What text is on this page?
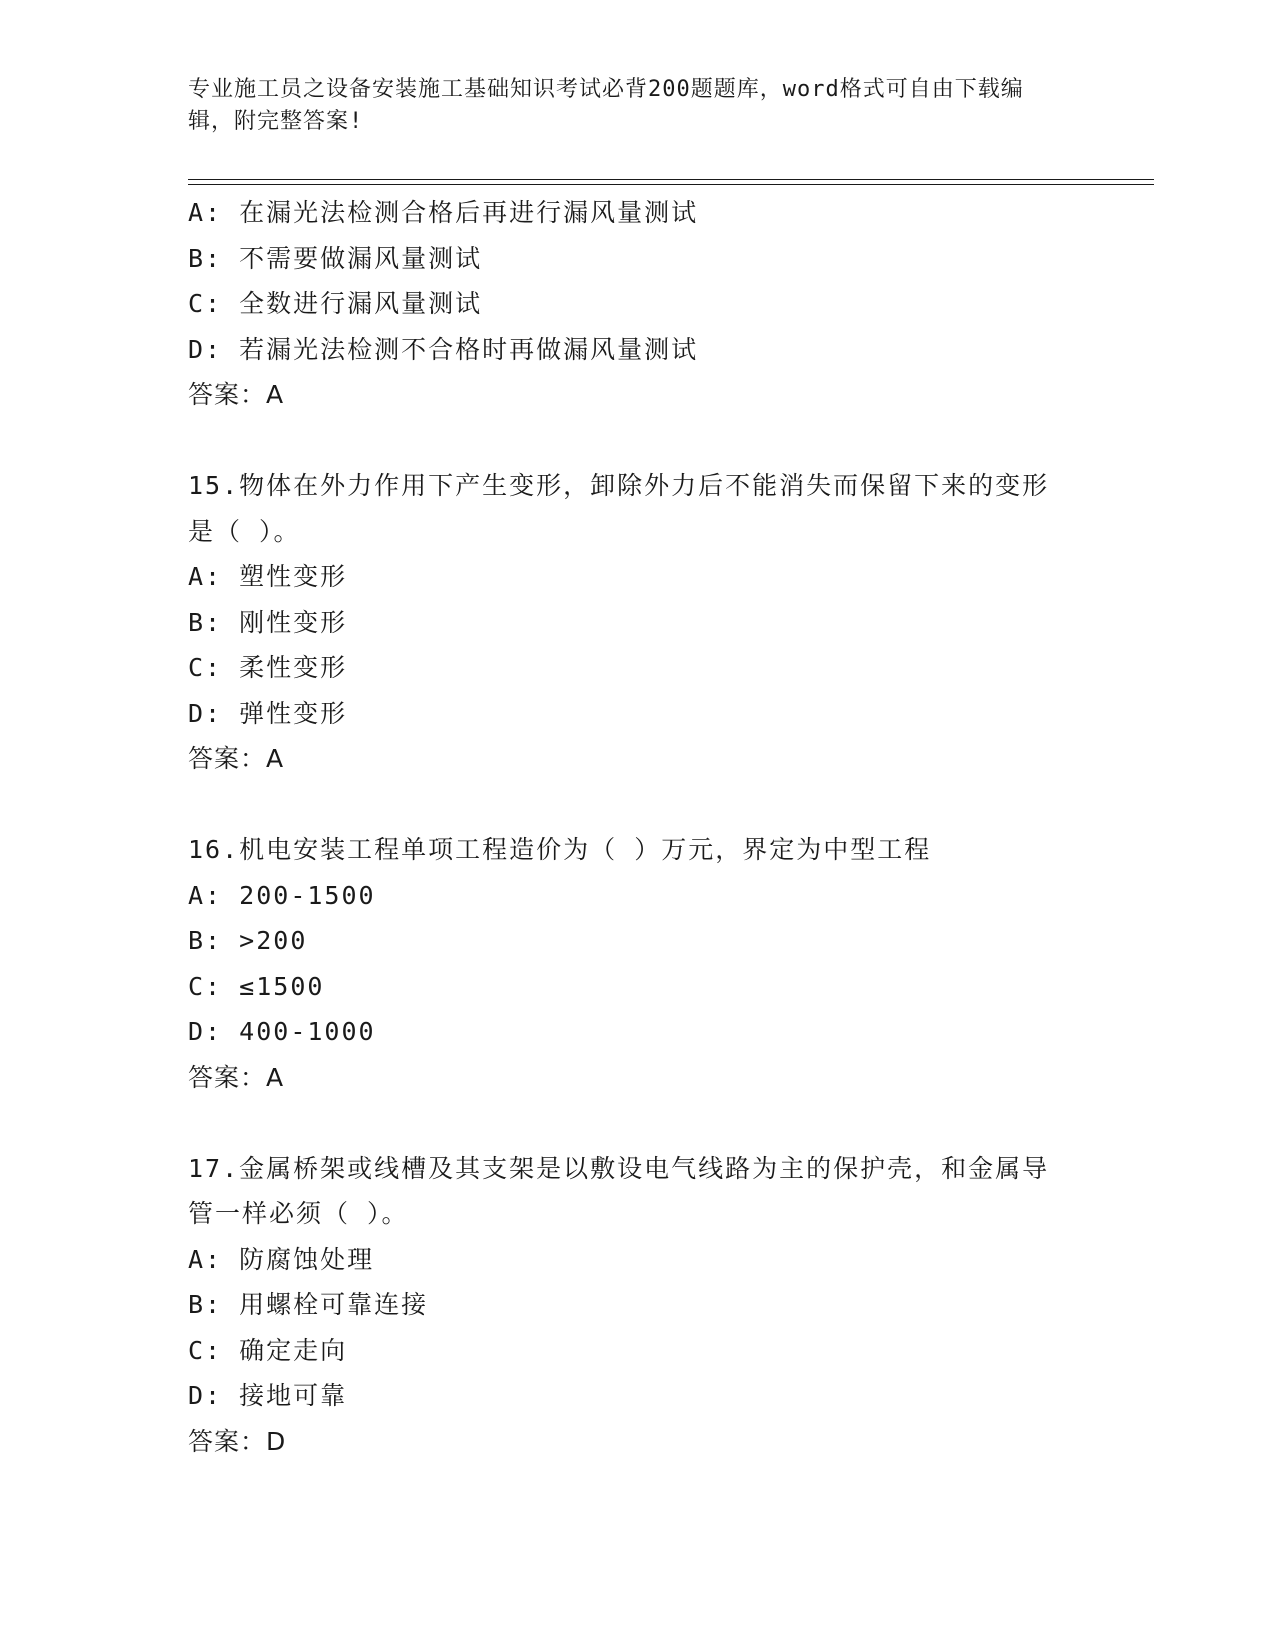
专业施工员之设备安装施工基础知识考试必背200题题库，word格式可自由下载编辑，附完整答案!
A: 在漏光法检测合格后再进行漏风量测试
B: 不需要做漏风量测试
C: 全数进行漏风量测试
D: 若漏光法检测不合格时再做漏风量测试
答案：A
15.物体在外力作用下产生变形，卸除外力后不能消失而保留下来的变形是（ ）。
A: 塑性变形
B: 刚性变形
C: 柔性变形
D: 弹性变形
答案：A
16.机电安装工程单项工程造价为（ ）万元，界定为中型工程
A: 200-1500
B: >200
C: ≤1500
D: 400-1000
答案：A
17.金属桥架或线槽及其支架是以敷设电气线路为主的保护壳，和金属导管一样必须（ ）。
A: 防腐蚀处理
B: 用螺栓可靠连接
C: 确定走向
D: 接地可靠
答案：D
